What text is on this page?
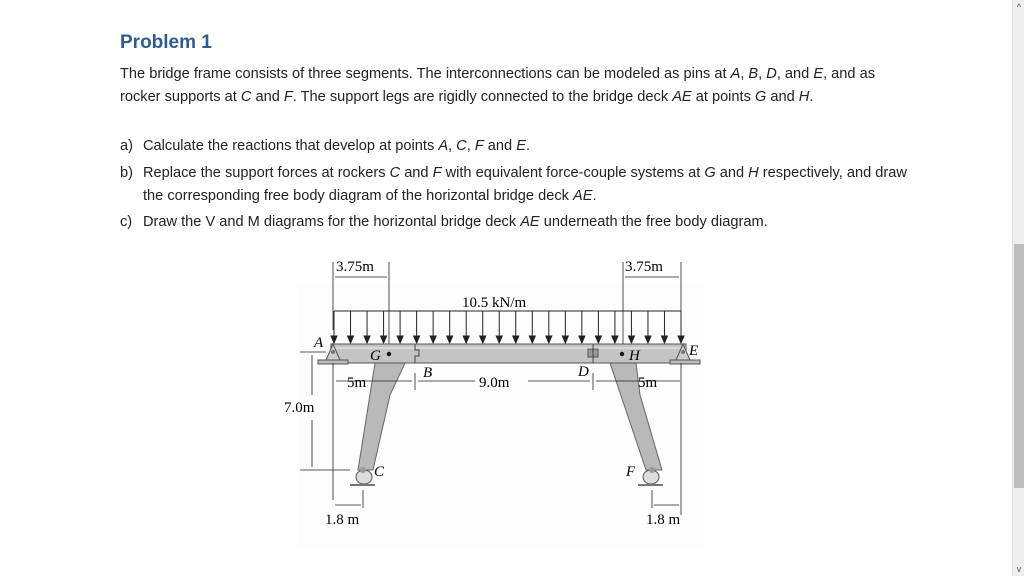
Problem 1
The bridge frame consists of three segments. The interconnections can be modeled as pins at A, B, D, and E, and as rocker supports at C and F. The support legs are rigidly connected to the bridge deck AE at points G and H.
a) Calculate the reactions that develop at points A, C, F and E.
b) Replace the support forces at rockers C and F with equivalent force-couple systems at G and H respectively, and draw the corresponding free body diagram of the horizontal bridge deck AE.
c) Draw the V and M diagrams for the horizontal bridge deck AE underneath the free body diagram.
10.5 kN/m
3.75m	3.75m
5m	9.0m	5m
7.0m
1.8 m	1.8 m
A
G
B	D
H	E
C	F
^
v
